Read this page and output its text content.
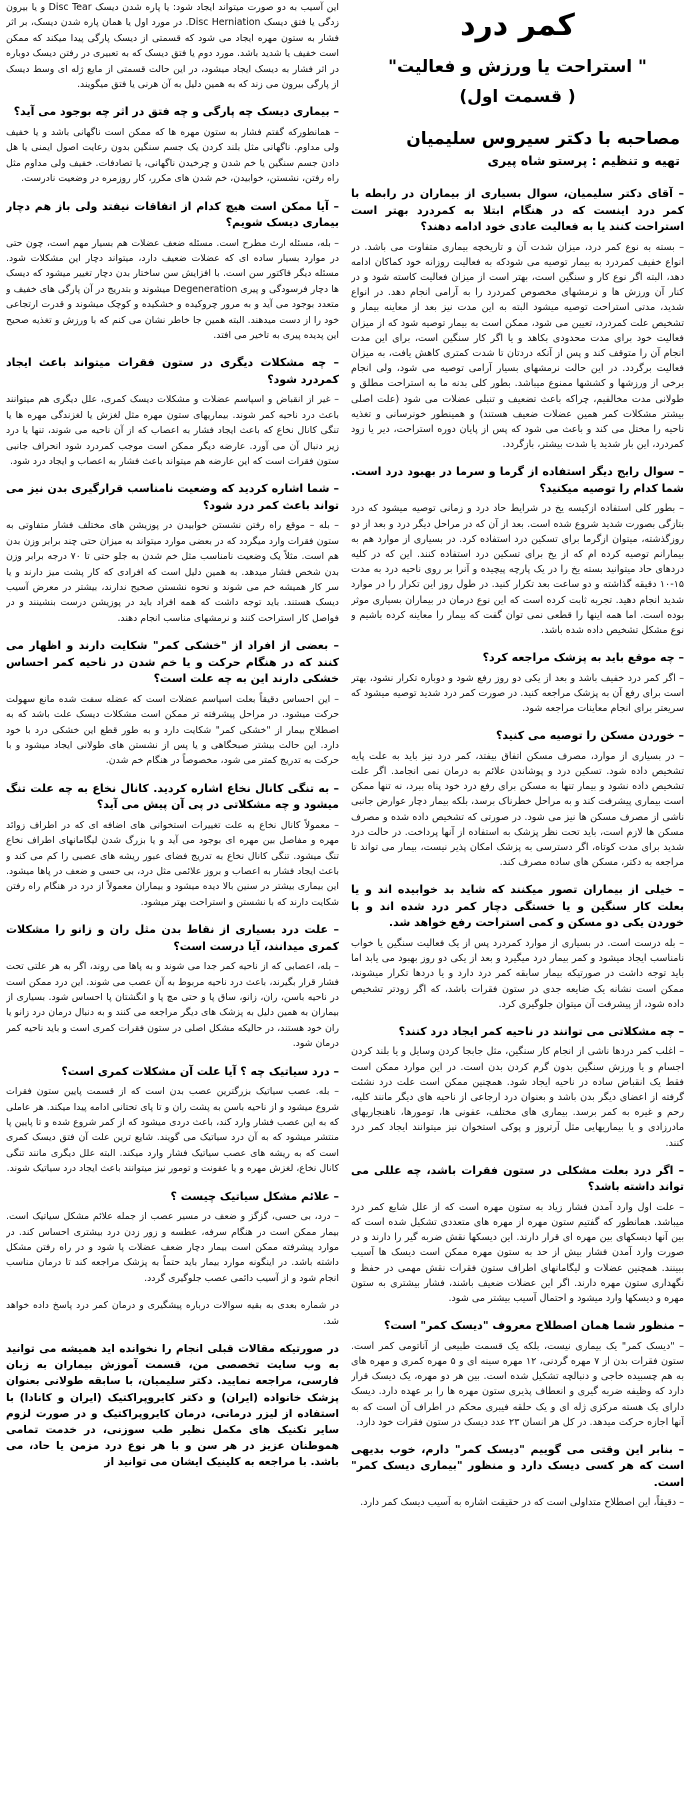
کمر درد
" استراحت یا ورزش و فعالیت"
( قسمت اول)
مصاحبه با دکتر سیروس سلیمیان
تهیه و تنظیم : پرستو شاه پیری
– آقای دکتر سلیمیان، سوال بسیاری از بیماران در رابطه با کمر درد اینست که در هنگام ابتلا به کمردرد بهتر است استراحت کنند یا به فعالیت عادی خود ادامه دهند؟
– بسته به نوع کمر درد، میزان شدت آن و تاریخچه بیماری متفاوت می باشد. در انواع خفیف کمردرد به بیمار توصیه می شودکه به فعالیت روزانه خود کماکان ادامه دهد، البته اگر نوع کار و سنگین است، بهتر است از میزان فعالیت کاسته شود و در کنار آن ورزش ها و نرمشهای مخصوص کمردرد را به آرامی انجام دهد. در انواع شدید، مدتی استراحت توصیه میشود البته به این مدت نیز بعد از معاینه بیمار و تشخیص علت کمردرد، تعیین می شود، ممکن است به بیمار توصیه شود که از میزان فعالیت خود برای مدت محدودی بکاهد و یا اگر کار سنگین است، برای این مدت انجام آن را متوقف کند و پس از آنکه دردتان تا شدت کمتری کاهش یافت، به میزان فعالیت برگردد. در این حالت نرمشهای بسیار آرامی توصیه می شود، ولی انجام برخی از ورزشها و کششها ممنوع میباشد. بطور کلی بدنه ما به استراحت مطلق و طولانی مدت مخالفیم، چراکه باعث تضعیف و تنبلی عضلات می شود (علت اصلی بیشتر مشکلات کمر همین عضلات ضعیف هستند) و همینطور خونرسانی و تغذیه ناحیه را مختل می کند و باعث می شود که پس از پایان دوره استراحت، دیر یا زود کمردرد، این بار شدید یا شدت بیشتر، بازگردد.
– سوال رایج دیگر استفاده از گرما و سرما در بهبود درد است. شما کدام را توصیه میکنید؟
– بطور کلی استفاده ازکیسه یخ در شرایط حاد درد و زمانی توصیه میشود که درد بتازگی بصورت شدید شروع شده است. بعد از آن که در مراحل دیگر درد و بعد از دو روزگذشته، میتوان ازگرما برای تسکین درد استفاده کرد. در بسیاری از موارد هم به بیمارانم توصیه کرده ام که از یخ برای تسکین درد استفاده کنند. این که در کلیه دردهای حاد میتوانید بسته یخ را در یک پارچه پیچیده و آنرا بر روی ناحیه درد به مدت ۱۵-۱۰ دقیقه گذاشته و دو ساعت بعد تکرار کنید. در طول روز این تکرار را در موارد شدید انجام دهید. تجربه ثابت کرده است که این نوع درمان در بیماران بسیاری موثر بوده است. اما همه اینها را قطعی نمی توان گفت که بیمار را معاینه کرده باشیم و نوع مشکل تشخیص داده شده باشد.
– چه موقع باید به پزشک مراجعه کرد؟
– اگر کمر درد خفیف باشد و بعد از یکی دو روز رفع شود و دوباره تکرار نشود، بهتر است برای رفع آن به پزشک مراجعه کنید. در صورت کمر درد شدید توصیه میشود که سریعتر برای انجام معاینات مراجعه شود.
– خوردن مسکن را توصیه می کنید؟
– در بسیاری از موارد، مصرف مسکن اتفاق بیفتد، کمر درد نیز باید به علت پایه تشخیص داده شود. تسکین درد و پوشاندن علائم به درمان نمی انجامد. اگر علت تشخیص داده نشود و بیمار تنها به مسکن برای رفع درد خود پناه ببرد، نه تنها ممکن است بیماری پیشرفت کند و به مراحل خطرناک برسد، بلکه بیمار دچار عوارض جانبی ناشی از مصرف مسکن ها نیز می شود. در صورتی که تشخیص داده شده و مصرف مسکن ها لازم است، باید تحت نظر پزشک به استفاده از آنها پرداخت. در حالت درد شدید برای مدت کوتاه، اگر دسترسی به پزشک امکان پذیر نیست، بیمار می تواند تا مراجعه به دکتر، مسکن های ساده مصرف کند.
– خیلی از بیماران تصور میکنند که شاید بد خوابیده اند و یا بعلت کار سنگین و یا خستگی دچار کمر درد شده اند و با خوردن یکی دو مسکن و کمی استراحت رفع خواهد شد.
– بله درست است. در بسیاری از موارد کمردرد پس از یک فعالیت سنگین یا خواب نامناسب ایجاد میشود و کمر بیمار درد میگیرد و بعد از یکی دو روز بهبود می یابد اما باید توجه داشت در صورتیکه بیمار سابقه کمر درد دارد و یا دردها تکرار میشوند، ممکن است نشانه یک ضایعه جدی در ستون فقرات باشد، که اگر زودتر تشخیص داده شود، از پیشرفت آن میتوان جلوگیری کرد.
– چه مشکلاتی می توانند در ناحیه کمر ایجاد درد کنند؟
– اغلب کمر دردها ناشی از انجام کار سنگین، مثل جابجا کردن وسایل و یا بلند کردن اجسام و یا ورزش سنگین بدون گرم کردن بدن است. در این موارد ممکن است فقط یک انقباض ساده در ناحیه ایجاد شود. همچنین ممکن است علت درد نشئت گرفته از اعضای دیگر بدن باشد و بعنوان درد ارجاعی از ناحیه های دیگر مانند کلیه، رحم و غیره به کمر برسد. بیماری های مختلف، عفونی ها، تومورها، ناهنجاریهای مادرزادی و یا بیماریهایی مثل آرتروز و پوکی استخوان نیز میتوانند ایجاد کمر درد کنند.
– اگر درد بعلت مشکلی در ستون فقرات باشد، چه عللی می تواند داشته باشد؟
– علت اول وارد آمدن فشار زیاد به ستون مهره است که از علل شایع کمر درد میباشد. همانطور که گفتیم ستون مهره از مهره های متعددی تشکیل شده است که بین آنها دیسکهای بین مهره ای قرار دارند. این دیسکها نقش ضربه گیر را دارند و در صورت وارد آمدن فشار بیش از حد به ستون مهره ممکن است دیسک ها آسیب ببینند. همچنین عضلات و لیگامانهای اطراف ستون فقرات نقش مهمی در حفظ و نگهداری ستون مهره دارند. اگر این عضلات ضعیف باشند، فشار بیشتری به ستون مهره و دیسکها وارد میشود و احتمال آسیب بیشتر می شود.
– منظور شما همان اصطلاح معروف "دیسک کمر" است؟
– "دیسک کمر" یک بیماری نیست، بلکه یک قسمت طبیعی از آناتومی کمر است. ستون فقرات بدن از ۷ مهره گردنی، ۱۲ مهره سینه ای و ۵ مهره کمری و مهره های به هم چسبیده خاجی و دنبالچه تشکیل شده است. بین هر دو مهره، یک دیسک قرار دارد که وظیفه ضربه گیری و انعطاف پذیری ستون مهره ها را بر عهده دارد. دیسک دارای یک هسته مرکزی ژله ای و یک حلقه فیبری محکم در اطراف آن است که به آنها اجازه حرکت میدهد. در کل هر انسان ۲۳ عدد دیسک در ستون فقرات خود دارد.
– بنابر این وقتی می گوییم "دیسک کمر" دارم، خوب بدیهی است که هر کسی دیسک دارد و منظور "بیماری دیسک کمر" است.
– دقیقاً، این اصطلاح متداولی است که در حقیقت اشاره به آسیب دیسک کمر دارد.
این آسیب به دو صورت میتواند ایجاد شود: یا پاره شدن دیسک Disc Tear و یا بیرون زدگی یا فتق دیسک Disc Herniation. در مورد اول یا همان پاره شدن دیسک، بر اثر فشار به ستون مهره ایجاد می شود که قسمتی از دیسک پارگی پیدا میکند که ممکن است خفیف یا شدید باشد. مورد دوم یا فتق دیسک که به تعبیری در رفتن دیسک دوباره در اثر فشار به دیسک ایجاد میشود، در این حالت قسمتی از مایع ژله ای وسط دیسک از پارگی بیرون می زند که به همین دلیل به آن هرنی یا فتق میگویند.
– بیماری دیسک چه پارگی و چه فتق در اثر چه بوجود می آید؟
– همانطورکه گفتم فشار به ستون مهره ها که ممکن است ناگهانی باشد و یا خفیف ولی مداوم. ناگهانی مثل بلند کردن یک جسم سنگین بدون رعایت اصول ایمنی یا هل دادن جسم سنگین یا خم شدن و چرخیدن ناگهانی، یا تصادفات. خفیف ولی مداوم مثل راه رفتن، نشستن، خوابیدن، خم شدن های مکرر، کار روزمره در وضعیت نادرست.
– آیا ممکن است هیچ کدام از اتفاقات نیفتد ولی باز هم دچار بیماری دیسک شویم؟
– بله، مسئله ارث مطرح است. مسئله ضعف عضلات هم بسیار مهم است، چون حتی در موارد بسیار ساده ای که عضلات ضعیف دارد، میتواند دچار این مشکلات شود. مسئله دیگر فاکتور سن است. با افزایش سن ساختار بدن دچار تغییر میشود که دیسک ها دچار فرسودگی و پیری Degeneration میشوند و بتدریج در آن پارگی های خفیف و متعدد بوجود می آید و به مرور چروکیده و خشکیده و کوچک میشوند و قدرت ارتجاعی خود را از دست میدهند. البته همین جا خاطر نشان می کنم که با ورزش و تغذیه صحیح این پدیده پیری به تاخیر می افتد.
– چه مشکلات دیگری در ستون فقرات میتواند باعث ایجاد کمردرد شود؟
– غیر از انقباض و اسپاسم عضلات و مشکلات دیسک کمری، علل دیگری هم میتوانند باعث درد ناحیه کمر شوند. بیماریهای ستون مهره مثل لغزش یا لغزندگی مهره ها یا تنگی کانال نخاع که باعث ایجاد فشار به اعصاب که از آن ناحیه می شوند، تنها یا درد زیر دنبال آن می آورد. عارضه دیگر ممکن است موجب کمردرد شود انحراف جانبی ستون فقرات است که این عارضه هم میتواند باعث فشار به اعصاب و ایجاد درد شود.
– شما اشاره کردید که وضعیت نامناسب قرارگیری بدن نیز می تواند باعث کمر درد شود؟
– بله – موقع راه رفتن نشستن خوابیدن در پوزیشن های مختلف فشار متفاوتی به ستون فقرات وارد میگردد که در بعضی موارد میتواند به میزان حتی چند برابر وزن بدن هم است. مثلاً یک وضعیت نامناسب مثل خم شدن به جلو حتی تا ۷۰ درجه برابر وزن بدن شخص فشار میدهد. به همین دلیل است که افرادی که کار پشت میز دارند و یا سر کار همیشه خم می شوند و نحوه نشستن صحیح ندارند، بیشتر در معرض آسیب دیسک هستند. باید توجه داشت که همه افراد باید در پوزیشن درست بنشینند و در فواصل کار استراحت کنند و نرمشهای مناسب انجام دهند.
– بعضی از افراد از "خشکی کمر" شکایت دارند و اظهار می کنند که در هنگام حرکت و یا خم شدن در ناحیه کمر احساس خشکی دارند این به چه علت است؟
– این احساس دقیقاً بعلت اسپاسم عضلات است که عضله سفت شده مانع سهولت حرکت میشود. در مراحل پیشرفته تر ممکن است مشکلات دیسک علت باشد که به اصطلاح بیمار از "خشکی کمر" شکایت دارد و به طور قطع این خشکی درد با خود دارد. این حالت بیشتر صبحگاهی و یا پس از نشستن های طولانی ایجاد میشود و با حرکت به تدریج کمتر می شود، مخصوصاً در هنگام خم شدن.
– به تنگی کانال نخاع اشاره کردید. کانال نخاع به چه علت تنگ میشود و چه مشکلاتی در پی آن پیش می آید؟
– معمولاً کانال نخاع به علت تغییرات استخوانی های اضافه ای که در اطراف زوائد مهره و مفاصل بین مهره ای بوجود می آید و یا بزرگ شدن لیگامانهای اطراف نخاع تنگ میشود. تنگی کانال نخاع به تدریج فضای عبور ریشه های عصبی را کم می کند و باعث ایجاد فشار به اعصاب و بروز علائمی مثل درد، بی حسی و ضعف در پاها میشود. این بیماری بیشتر در سنین بالا دیده میشود و بیماران معمولاً از درد در هنگام راه رفتن شکایت دارند که با نشستن و استراحت بهتر میشود.
– علت درد بسیاری از نقاط بدن مثل ران و زانو را مشکلات کمری میدانند، آیا درست است؟
– بله، اعصابی که از ناحیه کمر جدا می شوند و به پاها می روند، اگر به هر علتی تحت فشار قرار بگیرند، باعث درد ناحیه مربوط به آن عصب می شوند. این درد ممکن است در ناحیه باسن، ران، زانو، ساق پا و حتی مچ پا و انگشتان پا احساس شود. بسیاری از بیماران به همین دلیل به پزشک های دیگر مراجعه می کنند و به دنبال درمان درد زانو یا ران خود هستند، در حالیکه مشکل اصلی در ستون فقرات کمری است و باید ناحیه کمر درمان شود.
– درد سیاتیک چه ؟ آیا علت آن مشکلات کمری است؟
– بله. عصب سیاتیک بزرگترین عصب بدن است که از قسمت پایین ستون فقرات شروع میشود و از ناحیه باسن به پشت ران و تا پای تحتانی ادامه پیدا میکند. هر عاملی که به این عصب فشار وارد کند، باعث دردی میشود که از کمر شروع شده و تا پایین پا منتشر میشود که به آن درد سیاتیک می گویند. شایع ترین علت آن فتق دیسک کمری است که به ریشه های عصب سیاتیک فشار وارد میکند. البته علل دیگری مانند تنگی کانال نخاع، لغزش مهره و یا عفونت و تومور نیز میتوانند باعث ایجاد درد سیاتیک شوند.
– علائم مشکل سیاتیک چیست ؟
– درد، بی حسی، گزگز و ضعف در مسیر عصب از جمله علائم مشکل سیاتیک است. بیمار ممکن است در هنگام سرفه، عطسه و زور زدن درد بیشتری احساس کند. در موارد پیشرفته ممکن است بیمار دچار ضعف عضلات پا شود و در راه رفتن مشکل داشته باشد. در اینگونه موارد بیمار باید حتماً به پزشک مراجعه کند تا درمان مناسب انجام شود و از آسیب دائمی عصب جلوگیری گردد.
در شماره بعدی به بقیه سوالات درباره پیشگیری و درمان کمر درد پاسخ داده خواهد شد.
در صورتیکه مقالات قبلی انجام را نخوانده اید همیشه می توانید به وب سایت تخصصی من، قسمت آموزش بیماران به زبان فارسی، مراجعه نمایید. دکتر سلیمیان، با سابقه طولانی بعنوان پزشک خانواده (ایران) و دکتر کایروپراکتیک (ایران و کانادا) با استفاده از لیزر درمانی، درمان کایروپراکتیک و در صورت لزوم سایر تکنیک های مکمل نظیر طب سوزنی، در خدمت تمامی هموطنان عزیز در هر سن و با هر نوع درد مزمن یا حاد، می باشد. با مراجعه به کلینیک ایشان می توانید از
